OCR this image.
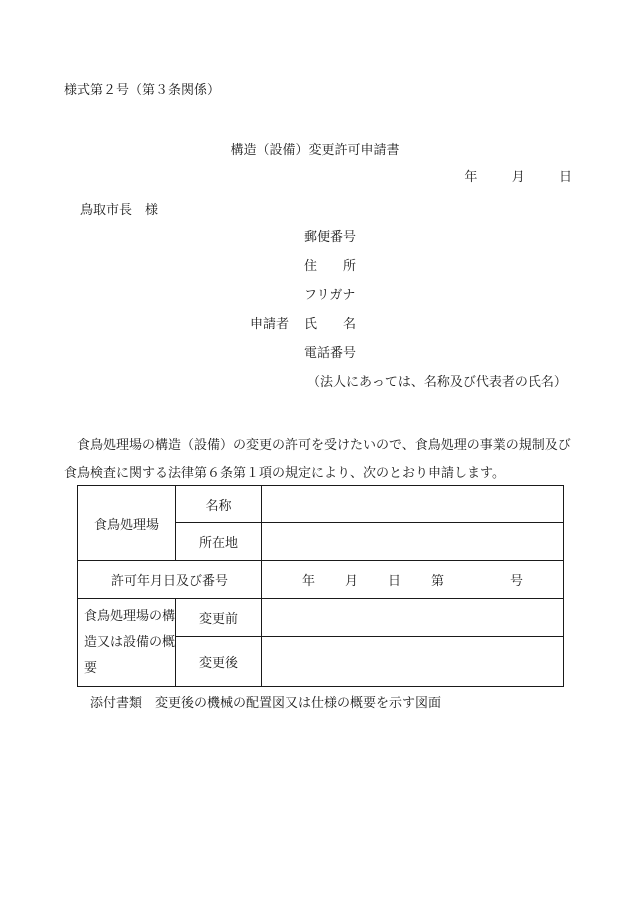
様式第２号（第３条関係）
構造（設備）変更許可申請書
年	月	日
鳥取市長　様
郵便番号
住　　所
フリガナ
申請者 氏　　名
電話番号
（法人にあっては、名称及び代表者の氏名）
食鳥処理場の構造（設備）の変更の許可を受けたいので、食鳥処理の事業の規制及び食鳥検査に関する法律第６条第１項の規定により、次のとおり申請します。
食鳥処理場	名称	
	所在地	
許可年月日及び番号		年 月 日 第 号
食鳥処理場の構造又は設備の概要	変更前	
	変更後	
添付書類　変更後の機械の配置図又は仕様の概要を示す図面
